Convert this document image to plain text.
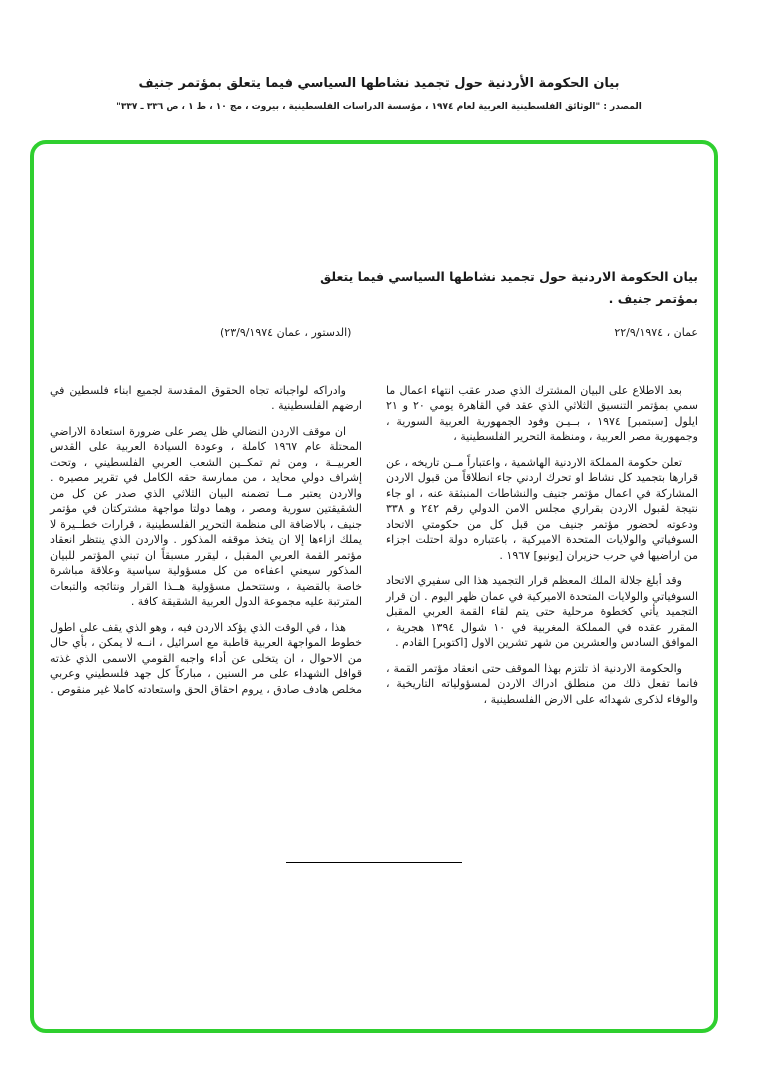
بيان الحكومة الأردنية حول تجميد نشاطها السياسي فيما يتعلق بمؤتمر جنيف
المصدر : "الوثائق الفلسطينية العربية لعام ١٩٧٤ ، مؤسسة الدراسات الفلسطينية ، بيروت ، مج ١٠ ، ط ١ ، ص ٣٣٦ ـ ٣٣٧"
بيان الحكومة الاردنية حول تجميد نشاطها السياسي فيما يتعلق
بمؤتمر جنيف .
عمان ، ٢٢/٩/١٩٧٤
(الدستور ، عمان ٢٣/٩/١٩٧٤)

بعد الاطلاع على البيان المشترك الذي صدر عقب انتهاء اعمال ما سمي بمؤتمر التنسيق الثلاثي الذي عقد في القاهرة يومي ٢٠ و ٢١ ايلول [سبتمبر] ١٩٧٤ ، بــيـن وفود الجمهورية العربية السورية ، وجمهورية مصر العربية ، ومنظمة التحرير الفلسطينية ،

تعلن حكومة المملكة الاردنية الهاشمية ، واعتباراً مــن تاريخه ، عن قرارها بتجميد كل نشاط او تحرك اردني جاء انطلاقاً من قبول الاردن المشاركة في اعمال مؤتمر جنيف والنشاطات المنبثقة عنه ، او جاء نتيجة لقبول الاردن بقراري مجلس الامن الدولي رقم ٢٤٢ و ٣٣٨ ودعوته لحضور مؤتمر جنيف من قبل كل من حكومتي الاتحاد السوفياتي والولايات المتحدة الاميركية ، باعتباره دولة احتلت اجزاء من اراضيها في حرب حزيران [يونيو] ١٩٦٧ .

وقد أبلغ جلالة الملك المعظم قرار التجميد هذا الى سفيري الاتحاد السوفياتي والولايات المتحدة الاميركية في عمان ظهر اليوم . ان قرار التجميد يأتي كخطوة مرحلية حتى يتم لقاء القمة العربي المقبل المقرر عقده في المملكة المغربية في ١٠ شوال ١٣٩٤ هجرية ، الموافق السادس والعشرين من شهر تشرين الاول [اكتوبر] القادم .

والحكومة الاردنية اذ تلتزم بهذا الموقف حتى انعقاد مؤتمر القمة ، فانما تفعل ذلك من منطلق ادراك الاردن لمسؤولياته التاريخية ، والوفاء لذكرى شهدائه على الارض الفلسطينية ،

وادراكه لواجباته تجاه الحقوق المقدسة لجميع ابناء فلسطين في ارضهم الفلسطينية .

ان موقف الاردن النضالي ظل يصر على ضرورة استعادة الاراضي المحتلة عام ١٩٦٧ كاملة ، وعودة السيادة العربية على القدس العربيــة ، ومن ثم تمكــين الشعب العربي الفلسطيني ، وتحت إشراف دولي محايد ، من ممارسة حقه الكامل في تقرير مصيره . والاردن يعتبر مــا تضمنه البيان الثلاثي الذي صدر عن كل من الشقيقتين سورية ومصر ، وهما دولتا مواجهة مشتركتان في مؤتمر جنيف ، بالاضافة الى منظمة التحرير الفلسطينية ، قرارات خطــيرة لا يملك ازاءها إلا ان يتخذ موقفه المذكور . والاردن الذي ينتظر انعقاد مؤتمر القمة العربي المقبل ، ليقرر مسبقاً ان تبني المؤتمر للبيان المذكور سيعني اعفاءه من كل مسؤولية سياسية وعلاقة مباشرة خاصة بالقضية ، وستتحمل مسؤولية هــذا القرار ونتائجه والتبعات المترتبة عليه مجموعة الدول العربية الشقيقة كافة .

هذا ، في الوقت الذي يؤكد الاردن فيه ، وهو الذي يقف على اطول خطوط المواجهة العربية قاطبة مع اسرائيل ، انــه لا يمكن ، بأي حال من الاحوال ، ان يتخلى عن أداء واجبه القومي الاسمى الذي غذته قوافل الشهداء على مر السنين ، مباركاً كل جهد فلسطيني وعربي مخلص هادف صادق ، يروم احقاق الحق واستعادته كاملا غير منقوص .
